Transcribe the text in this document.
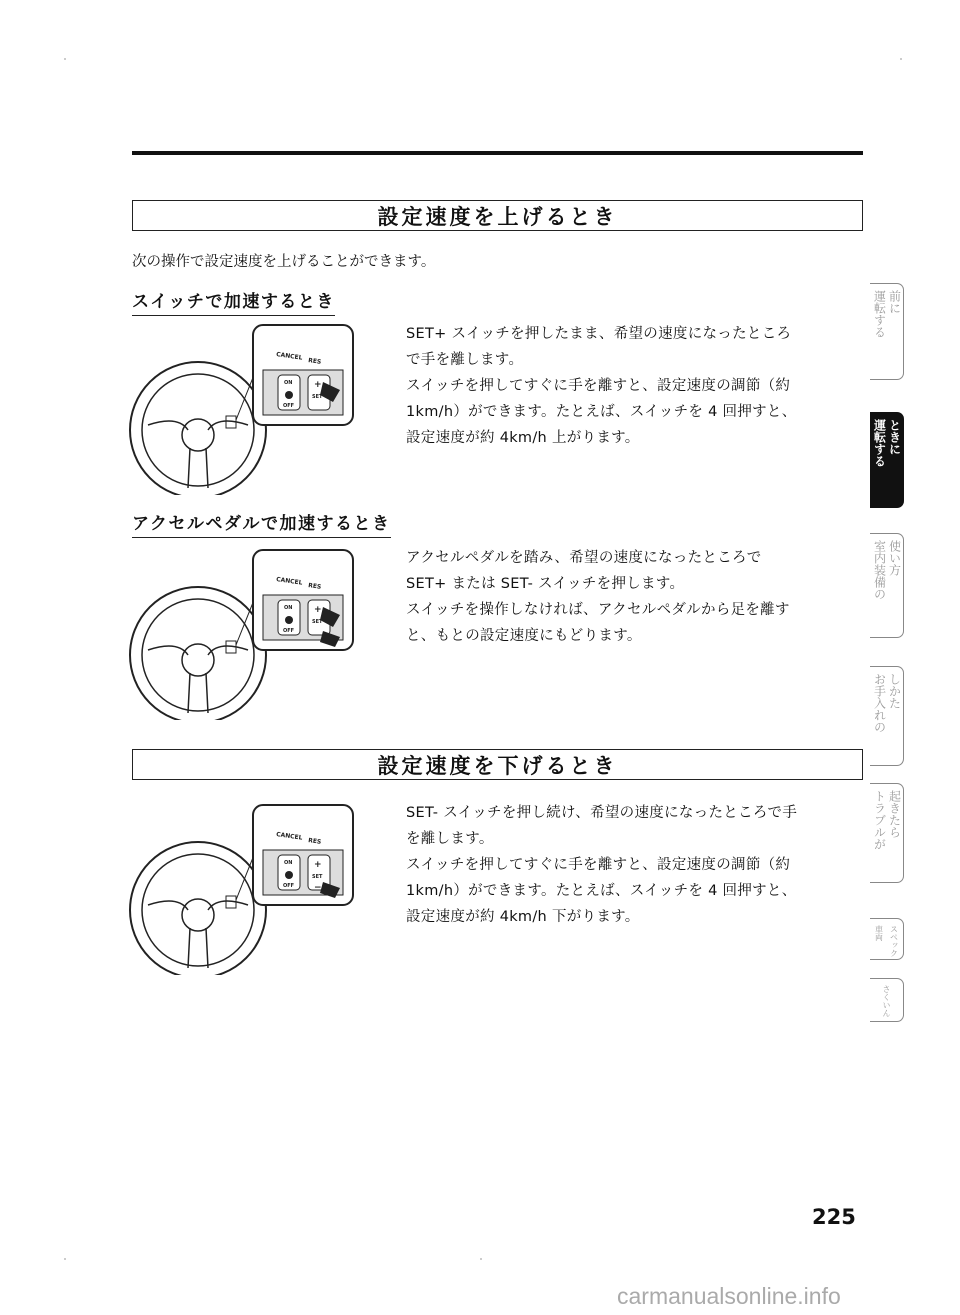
設定速度を上げるとき
次の操作で設定速度を上げることができます。
スイッチで加速するとき
CANCEL RES
ON
OFF
+
SET

SET+ スイッチを押したまま、希望の速度になったところ

で手を離します。

スイッチを押してすぐに手を離すと、設定速度の調節（約

1km/h）ができます。たとえば、スイッチを 4 回押すと、

設定速度が約 4km/h 上がります。

アクセルペダルで加速するとき
CANCEL RES
ON
OFF
+
SET

アクセルペダルを踏み、希望の速度になったところで

SET+ または SET- スイッチを押します。

スイッチを操作しなければ、アクセルペダルから足を離す

と、もとの設定速度にもどります。

設定速度を下げるとき
CANCEL RES
ON
OFF
+
SET
−

SET- スイッチを押し続け、希望の速度になったところで手

を離します。

スイッチを押してすぐに手を離すと、設定速度の調節（約

1km/h）ができます。たとえば、スイッチを 4 回押すと、

設定速度が約 4km/h 下がります。

運転する 前に
運転する ときに
室内装備の 使い方
お手入れの しかた
トラブルが 起きたら
車両 スペック
さくいん
225
carmanualsonline.info
